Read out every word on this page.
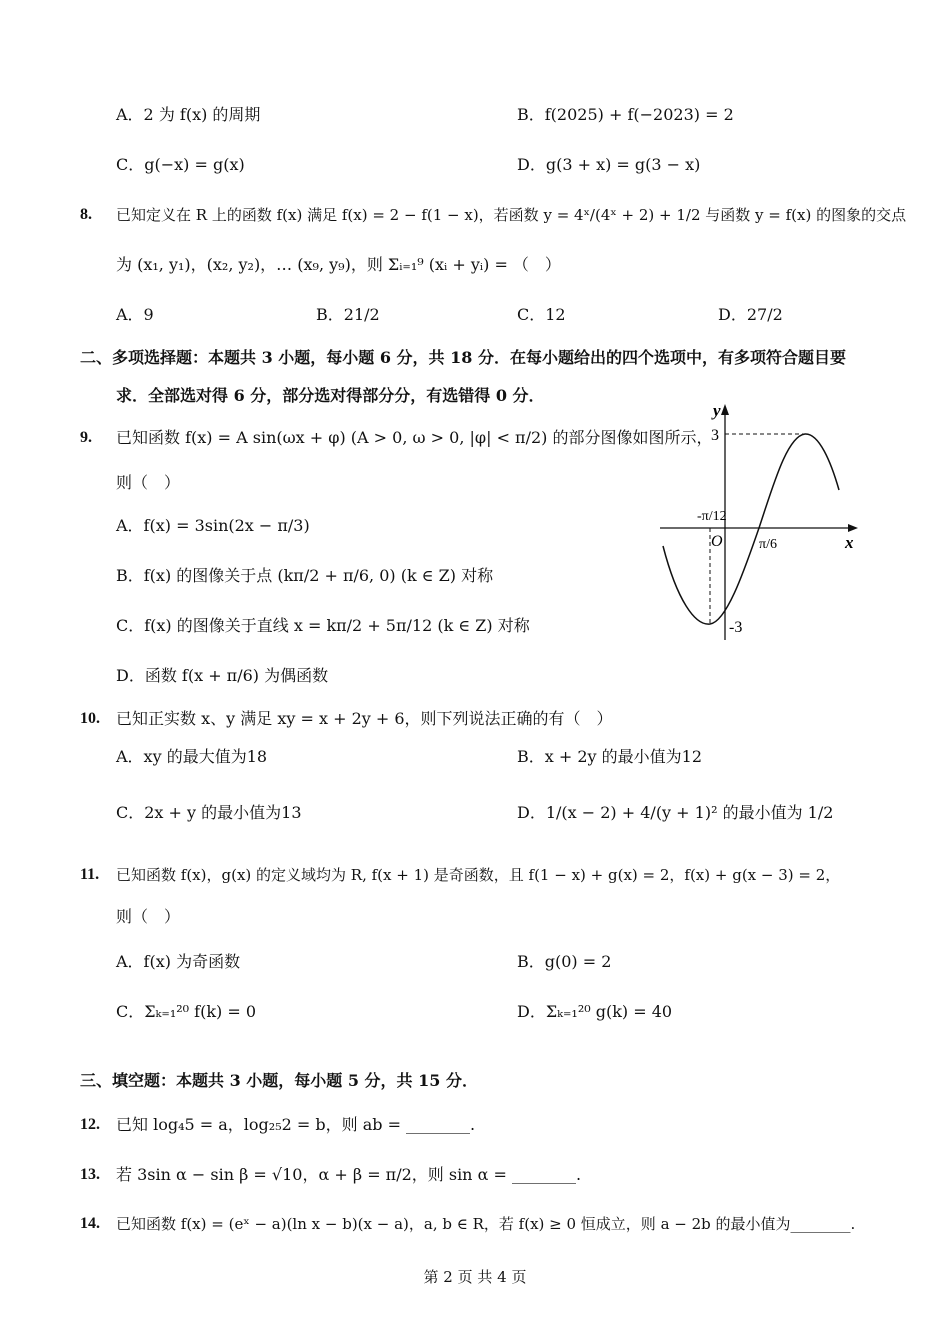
A．2 为 f(x) 的周期	B．f(2025) + f(−2023) = 2
C．g(−x) = g(x)	D．g(3 + x) = g(3 − x)
8. 已知定义在 R 上的函数 f(x) 满足 f(x) = 2 − f(1 − x)，若函数 y = 4ˣ/(4ˣ + 2) + 1/2 与函数 y = f(x) 的图象的交点
为 (x₁, y₁)，(x₂, y₂)，… (x₉, y₉)，则 Σᵢ₌₁⁹ (xᵢ + yᵢ) = （　）
A．9	B．21/2	C．12	D．27/2
二、多项选择题：本题共 3 小题，每小题 6 分，共 18 分．在每小题给出的四个选项中，有多项符合题目要
求．全部选对得 6 分，部分选对得部分分，有选错得 0 分．
9. 已知函数 f(x) = A sin(ωx + φ) (A > 0, ω > 0, |φ| < π/2) 的部分图像如图所示，
则（　）
A．f(x) = 3sin(2x − π/3)
B．f(x) 的图像关于点 (kπ/2 + π/6, 0) (k ∈ Z) 对称
C．f(x) 的图像关于直线 x = kπ/2 + 5π/12 (k ∈ Z) 对称
D．函数 f(x + π/6) 为偶函数
y
x
O
3
-3
-π/12
π/6
10. 已知正实数 x、y 满足 xy = x + 2y + 6，则下列说法正确的有（　）
A．xy 的最大值为18	B．x + 2y 的最小值为12
C．2x + y 的最小值为13	D．1/(x − 2) + 4/(y + 1)² 的最小值为 1/2
11. 已知函数 f(x)，g(x) 的定义域均为 R, f(x + 1) 是奇函数，且 f(1 − x) + g(x) = 2，f(x) + g(x − 3) = 2，
则（　）
A．f(x) 为奇函数	B．g(0) = 2
C．Σₖ₌₁²⁰ f(k) = 0	D．Σₖ₌₁²⁰ g(k) = 40
三、填空题：本题共 3 小题，每小题 5 分，共 15 分．
12. 已知 log₄5 = a，log₂₅2 = b，则 ab = ________.
13. 若 3sin α − sin β = √10，α + β = π/2，则 sin α = ________.
14. 已知函数 f(x) = (eˣ − a)(ln x − b)(x − a)，a, b ∈ R，若 f(x) ≥ 0 恒成立，则 a − 2b 的最小值为________.
第 2 页 共 4 页
